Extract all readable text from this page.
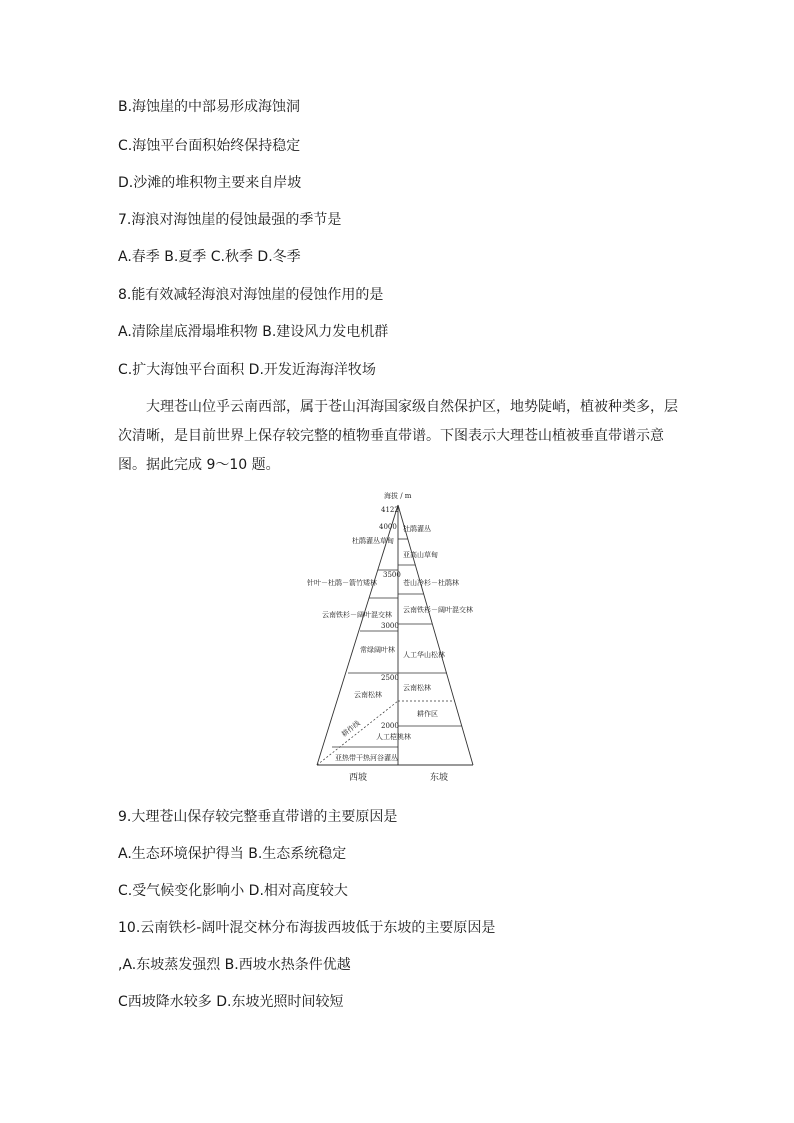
B.海蚀崖的中部易形成海蚀洞
C.海蚀平台面积始终保持稳定
D.沙滩的堆积物主要来自岸坡
7.海浪对海蚀崖的侵蚀最强的季节是
A.春季 B.夏季 C.秋季 D.冬季
8.能有效减轻海浪对海蚀崖的侵蚀作用的是
A.清除崖底滑塌堆积物 B.建设风力发电机群
C.扩大海蚀平台面积 D.开发近海海洋牧场
大理苍山位乎云南西部，属于苍山洱海国家级自然保护区，地势陡峭，植被种类多，层次清晰，是目前世界上保存较完整的植物垂直带谱。下图表示大理苍山植被垂直带谱示意图。据此完成 9～10 题。
海拔 / m
4122
4000
3500
3000
2500
2000
杜鹃灌丛草甸
针叶－杜鹃－箭竹矮林
云南铁杉－阔叶混交林
常绿阔叶林
云南松林
耕作线 人工桤桃林
亚热带干热河谷灌丛
杜鹃灌丛
亚高山草甸
苍山冷杉－杜鹃林
云南铁杉－阔叶混交林
人工华山松林
云南松林
耕作区
西坡	东坡
9.大理苍山保存较完整垂直带谱的主要原因是
A.生态环境保护得当 B.生态系统稳定
C.受气候变化影响小 D.相对高度较大
10.云南铁杉-阔叶混交林分布海拔西坡低于东坡的主要原因是
,A.东坡蒸发强烈 B.西坡水热条件优越
C西坡降水较多 D.东坡光照时间较短
